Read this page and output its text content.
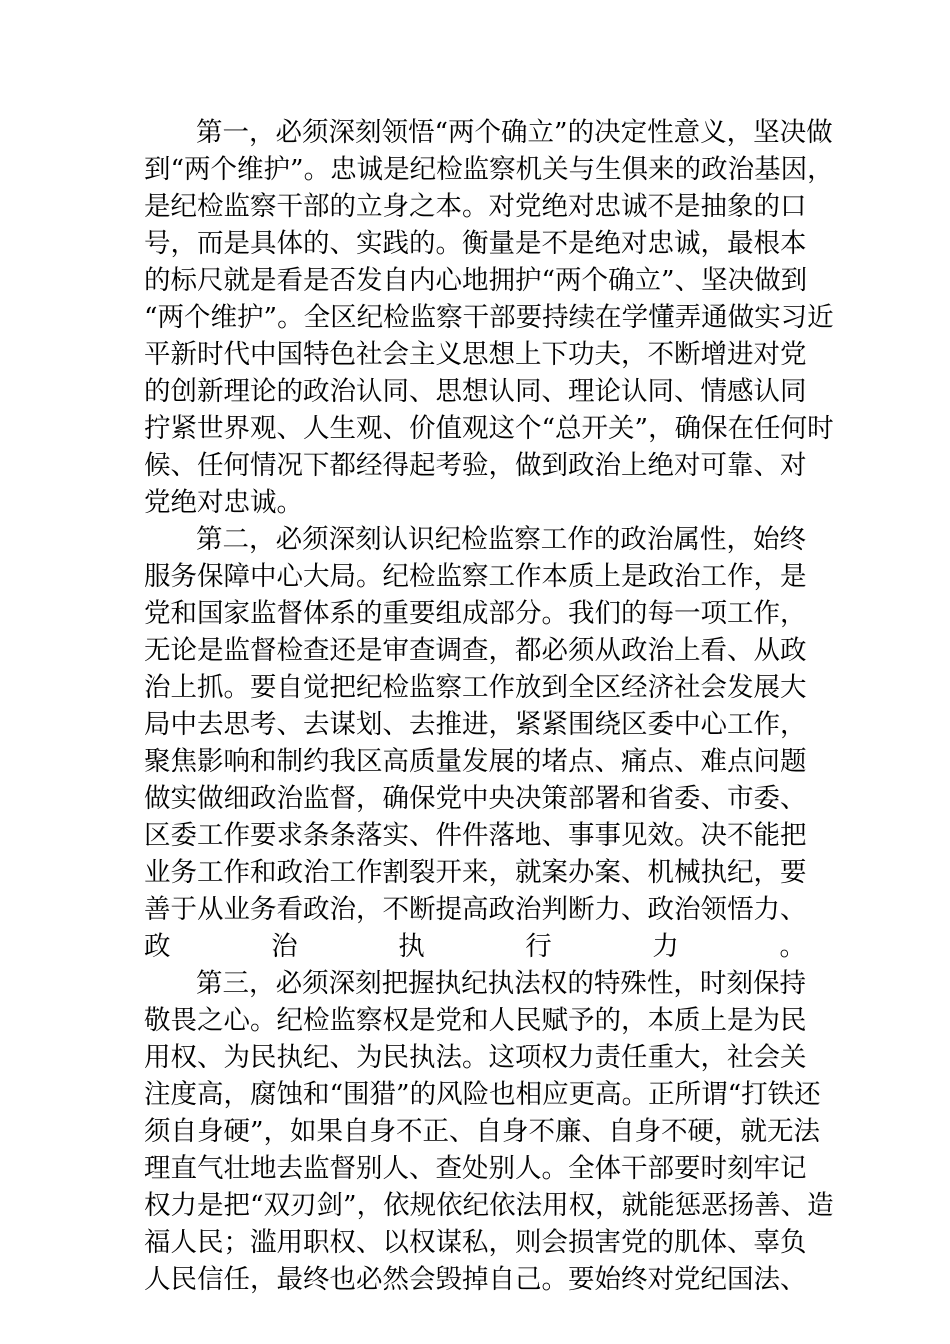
第一，必须深刻领悟“两个确立”的决定性意义，坚决做
到“两个维护”。忠诚是纪检监察机关与生俱来的政治基因，
是纪检监察干部的立身之本。对党绝对忠诚不是抽象的口
号，而是具体的、实践的。衡量是不是绝对忠诚，最根本
的标尺就是看是否发自内心地拥护“两个确立”、坚决做到
“两个维护”。全区纪检监察干部要持续在学懂弄通做实习近
平新时代中国特色社会主义思想上下功夫，不断增进对党
的创新理论的政治认同、思想认同、理论认同、情感认同
拧紧世界观、人生观、价值观这个“总开关”，确保在任何时
候、任何情况下都经得起考验，做到政治上绝对可靠、对
党绝对忠诚。
第二，必须深刻认识纪检监察工作的政治属性，始终
服务保障中心大局。纪检监察工作本质上是政治工作，是
党和国家监督体系的重要组成部分。我们的每一项工作，
无论是监督检查还是审查调查，都必须从政治上看、从政
治上抓。要自觉把纪检监察工作放到全区经济社会发展大
局中去思考、去谋划、去推进，紧紧围绕区委中心工作，
聚焦影响和制约我区高质量发展的堵点、痛点、难点问题
做实做细政治监督，确保党中央决策部署和省委、市委、
区委工作要求条条落实、件件落地、事事见效。决不能把
业务工作和政治工作割裂开来，就案办案、机械执纪，要
善于从业务看政治，不断提高政治判断力、政治领悟力、
政治执行力。
第三，必须深刻把握执纪执法权的特殊性，时刻保持
敬畏之心。纪检监察权是党和人民赋予的，本质上是为民
用权、为民执纪、为民执法。这项权力责任重大，社会关
注度高，腐蚀和“围猎”的风险也相应更高。正所谓“打铁还
须自身硬”，如果自身不正、自身不廉、自身不硬，就无法
理直气壮地去监督别人、查处别人。全体干部要时刻牢记
权力是把“双刃剑”，依规依纪依法用权，就能惩恶扬善、造
福人民；滥用职权、以权谋私，则会损害党的肌体、辜负
人民信任，最终也必然会毁掉自己。要始终对党纪国法、
